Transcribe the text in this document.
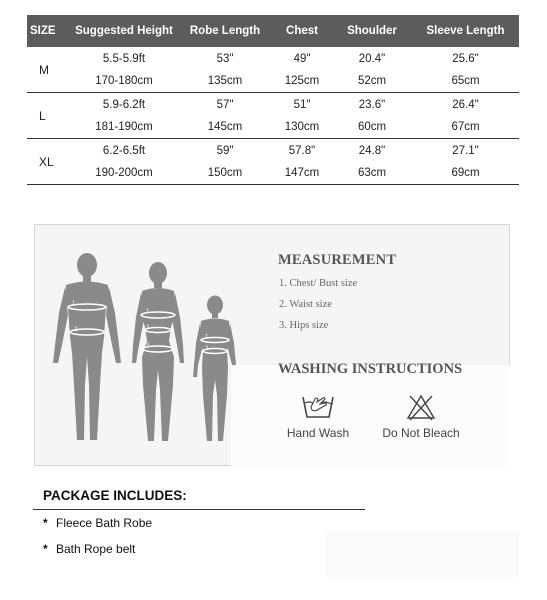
SIZE	Suggested Height	Robe Length	Chest	Shoulder	Sleeve Length
M	5.5-5.9ft	53"	49"	20.4"	25.6"
	170-180cm	135cm	125cm	52cm	65cm
L	5.9-6.2ft	57"	51"	23.6"	26.4"
	181-190cm	145cm	130cm	60cm	67cm
XL	6.2-6.5ft	59"	57.8"	24.8"	27.1"
	190-200cm	150cm	147cm	63cm	69cm
1
2
1
2
3
1
2
MEASUREMENT
1. Chest/ Bust size
2. Waist size
3. Hips size
WASHING INSTRUCTIONS
Hand Wash	Do Not Bleach
PACKAGE INCLUDES:
* Fleece Bath Robe
* Bath Rope belt
